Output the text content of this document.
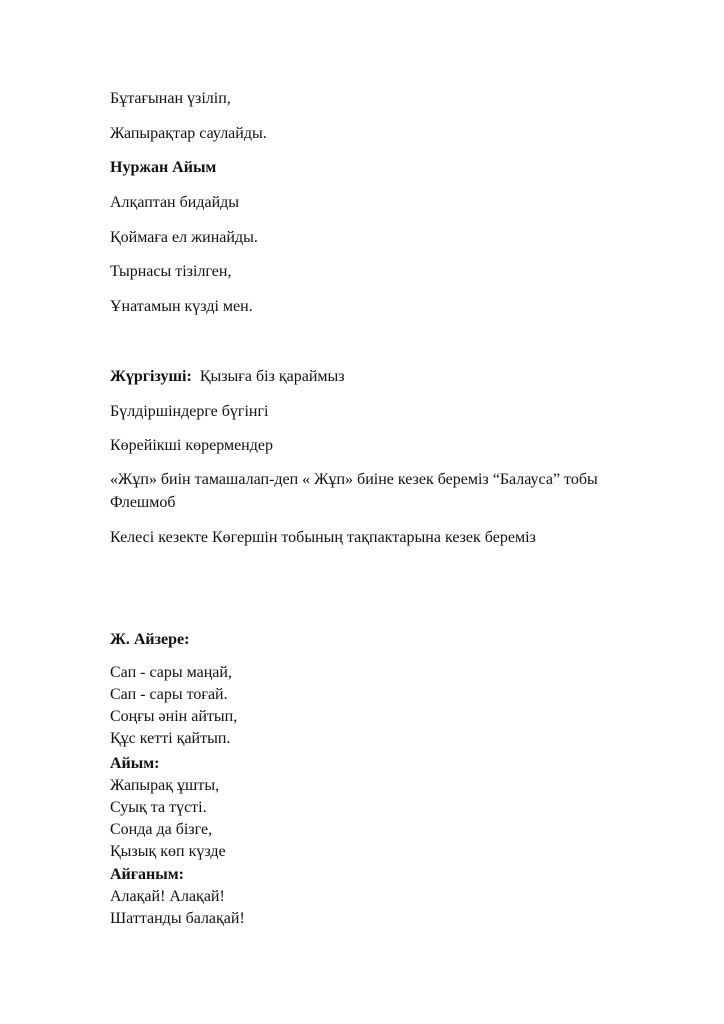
Бұтағынан үзіліп,
Жапырақтар саулайды.
Нуржан Айым
Алқаптан бидайды
Қоймаға ел жинайды.
Тырнасы тізілген,
Ұнатамын күзді мен.
Жүргізуші: Қызыға біз қараймыз
Бүлдіршіндерге бүгінгі
Көрейікші көрермендер
«Жұп» биін тамашалап-деп « Жұп» биіне кезек береміз “Балауса” тобы
Флешмоб
Келесі кезекте Көгершін тобының тақпактарына кезек береміз
Ж. Айзере:
Сап - сары маңай,
Сап - сары тоғай.
Соңғы әнін айтып,
Құс кетті қайтып.
Айым:
Жапырақ ұшты,
Суық та түсті.
Сонда да бізге,
Қызық көп күзде
Айғаным:
Алақай! Алақай!
Шаттанды балақай!
